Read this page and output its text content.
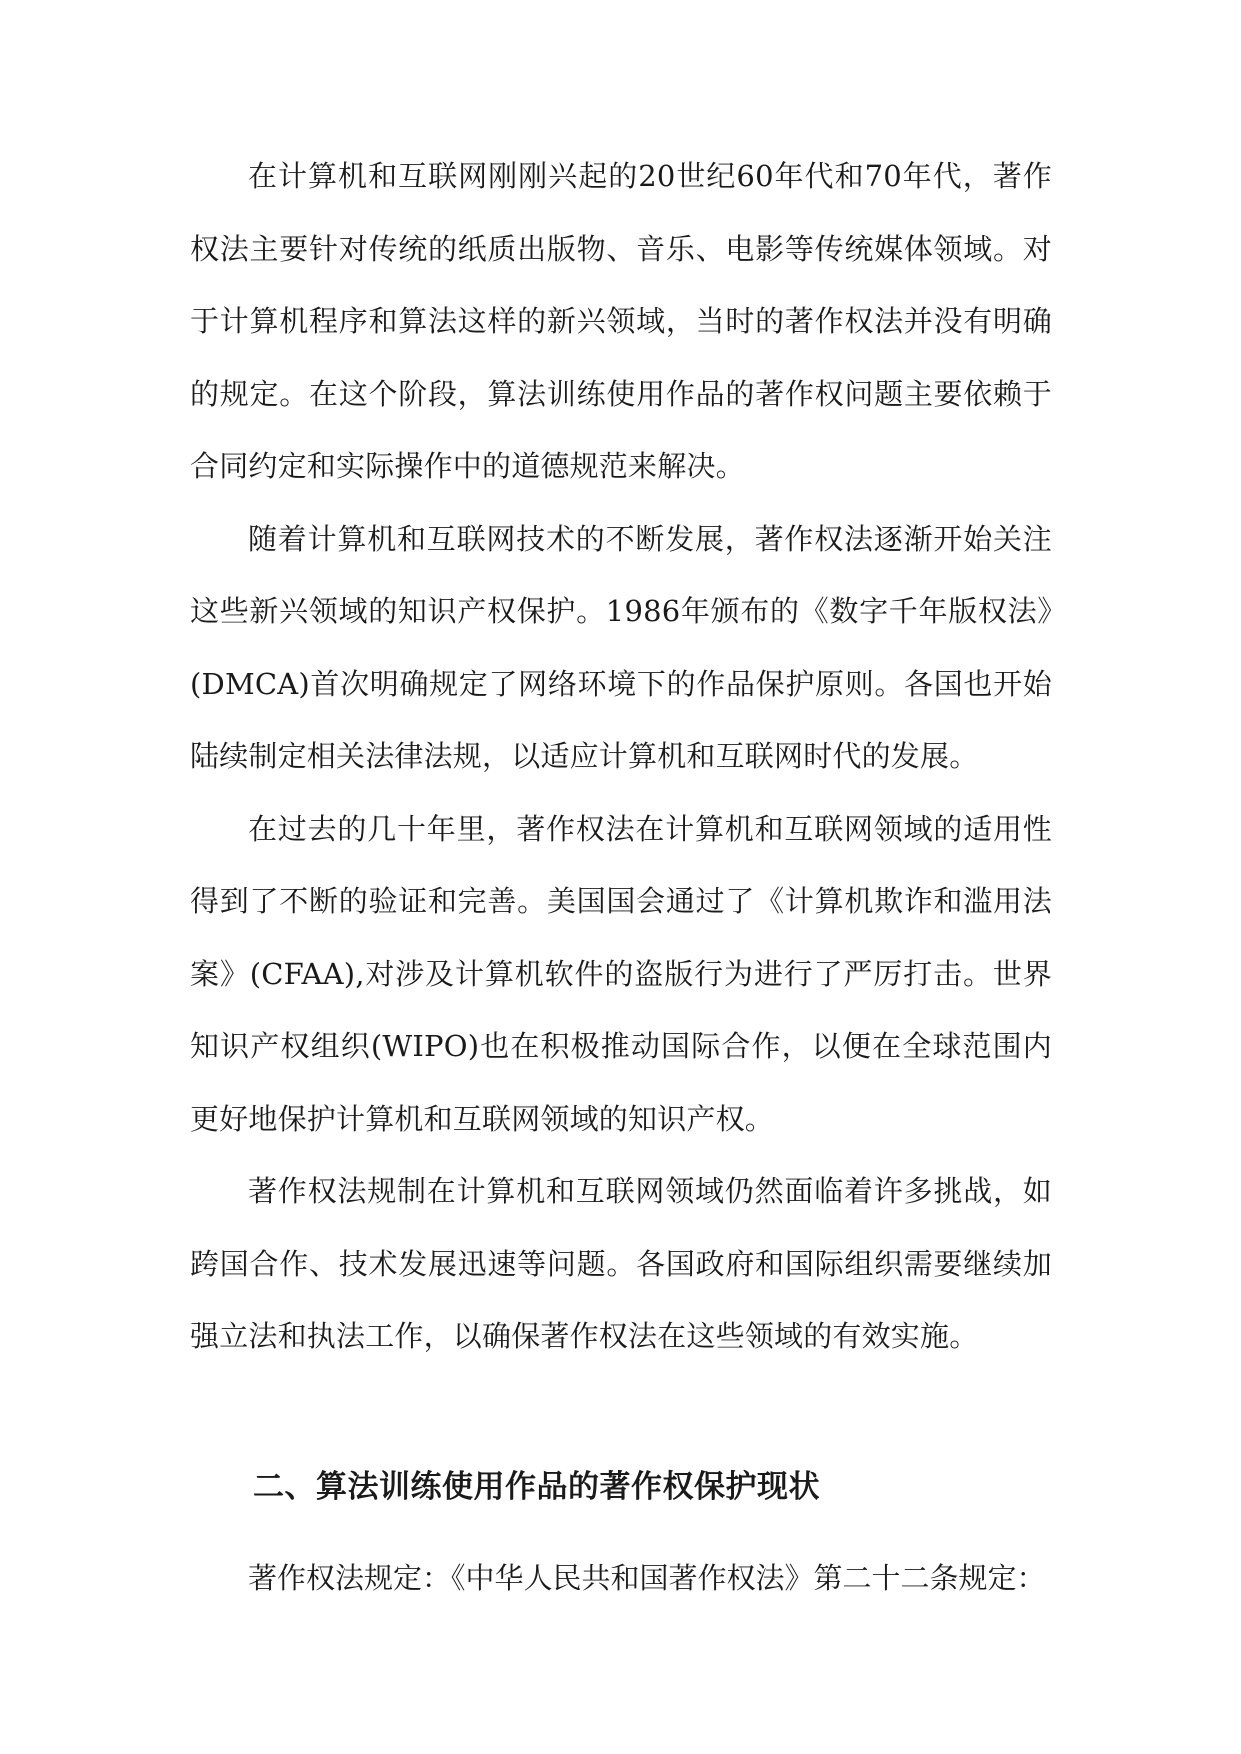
在计算机和互联网刚刚兴起的20世纪60年代和70年代，著作权法主要针对传统的纸质出版物、音乐、电影等传统媒体领域。对于计算机程序和算法这样的新兴领域，当时的著作权法并没有明确的规定。在这个阶段，算法训练使用作品的著作权问题主要依赖于合同约定和实际操作中的道德规范来解决。

随着计算机和互联网技术的不断发展，著作权法逐渐开始关注这些新兴领域的知识产权保护。1986年颁布的《数字千年版权法》(DMCA)首次明确规定了网络环境下的作品保护原则。各国也开始陆续制定相关法律法规，以适应计算机和互联网时代的发展。

在过去的几十年里，著作权法在计算机和互联网领域的适用性得到了不断的验证和完善。美国国会通过了《计算机欺诈和滥用法案》(CFAA),对涉及计算机软件的盗版行为进行了严厉打击。世界知识产权组织(WIPO)也在积极推动国际合作，以便在全球范围内更好地保护计算机和互联网领域的知识产权。

著作权法规制在计算机和互联网领域仍然面临着许多挑战，如跨国合作、技术发展迅速等问题。各国政府和国际组织需要继续加强立法和执法工作，以确保著作权法在这些领域的有效实施。

二、算法训练使用作品的著作权保护现状

著作权法规定：《中华人民共和国著作权法》第二十二条规定：
